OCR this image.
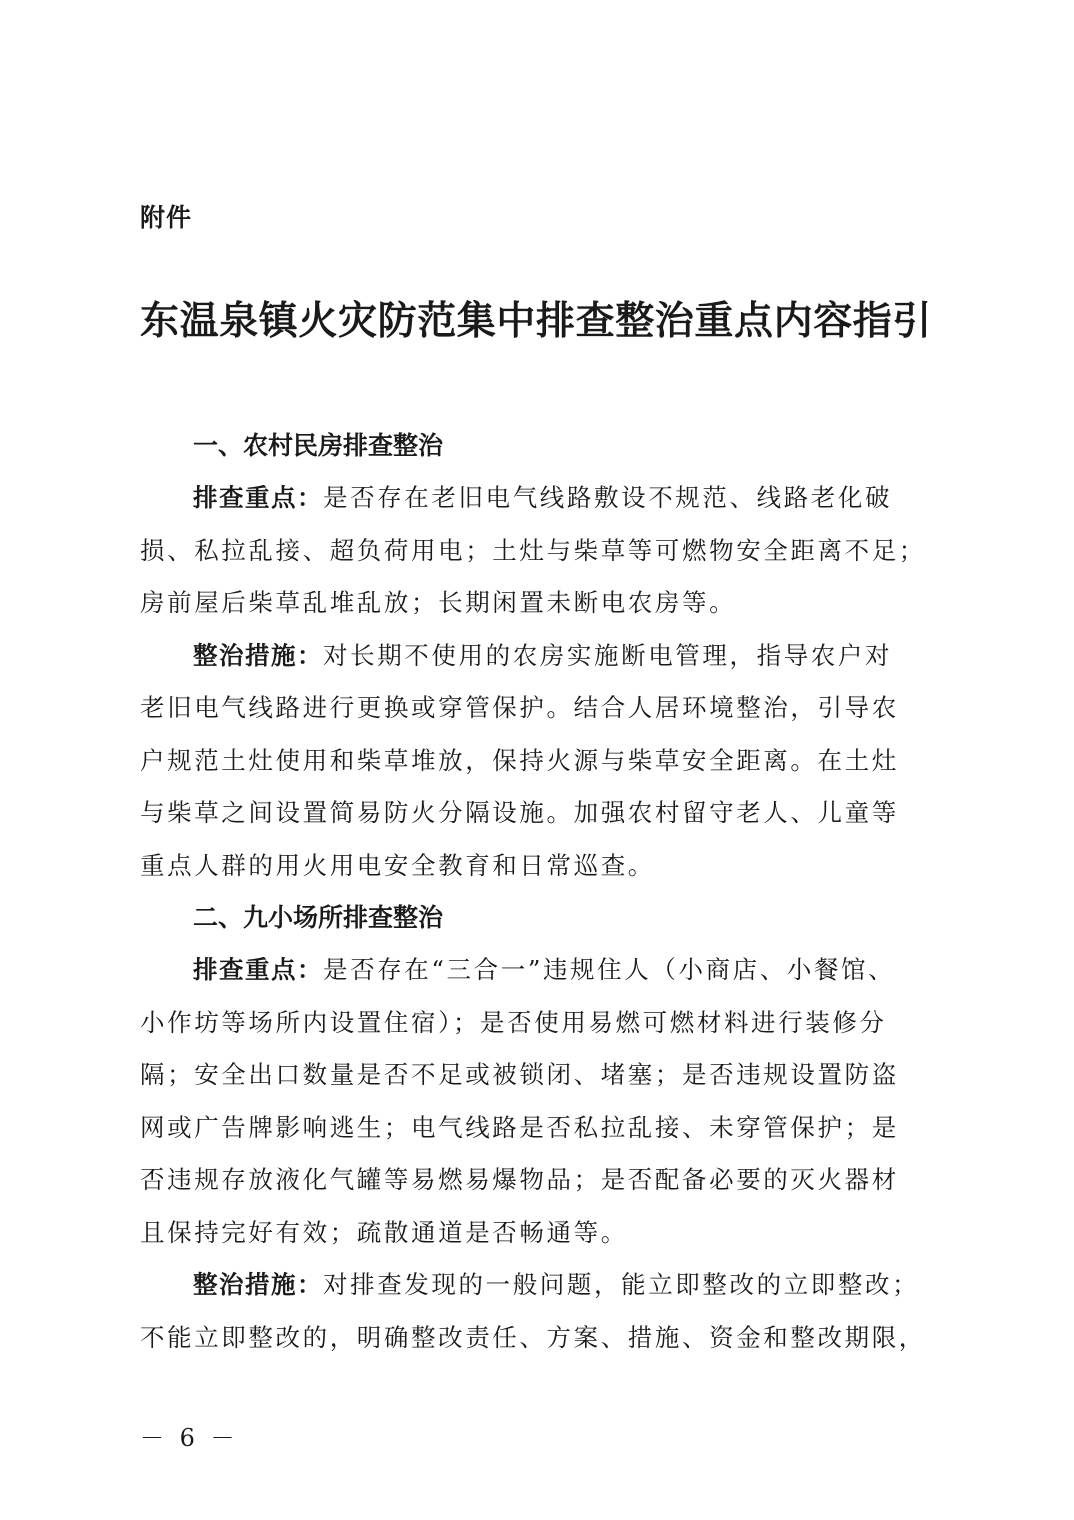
附件
东温泉镇火灾防范集中排查整治重点内容指引
一、农村民房排查整治
排查重点：是否存在老旧电气线路敷设不规范、线路老化破
损、私拉乱接、超负荷用电；土灶与柴草等可燃物安全距离不足；
房前屋后柴草乱堆乱放；长期闲置未断电农房等。
整治措施：对长期不使用的农房实施断电管理，指导农户对
老旧电气线路进行更换或穿管保护。结合人居环境整治，引导农
户规范土灶使用和柴草堆放，保持火源与柴草安全距离。在土灶
与柴草之间设置简易防火分隔设施。加强农村留守老人、儿童等
重点人群的用火用电安全教育和日常巡查。
二、九小场所排查整治
排查重点：是否存在“三合一”违规住人（小商店、小餐馆、
小作坊等场所内设置住宿）；是否使用易燃可燃材料进行装修分
隔；安全出口数量是否不足或被锁闭、堵塞；是否违规设置防盗
网或广告牌影响逃生；电气线路是否私拉乱接、未穿管保护；是
否违规存放液化气罐等易燃易爆物品；是否配备必要的灭火器材
且保持完好有效；疏散通道是否畅通等。
整治措施：对排查发现的一般问题，能立即整改的立即整改；
不能立即整改的，明确整改责任、方案、措施、资金和整改期限，
－ 6 －
